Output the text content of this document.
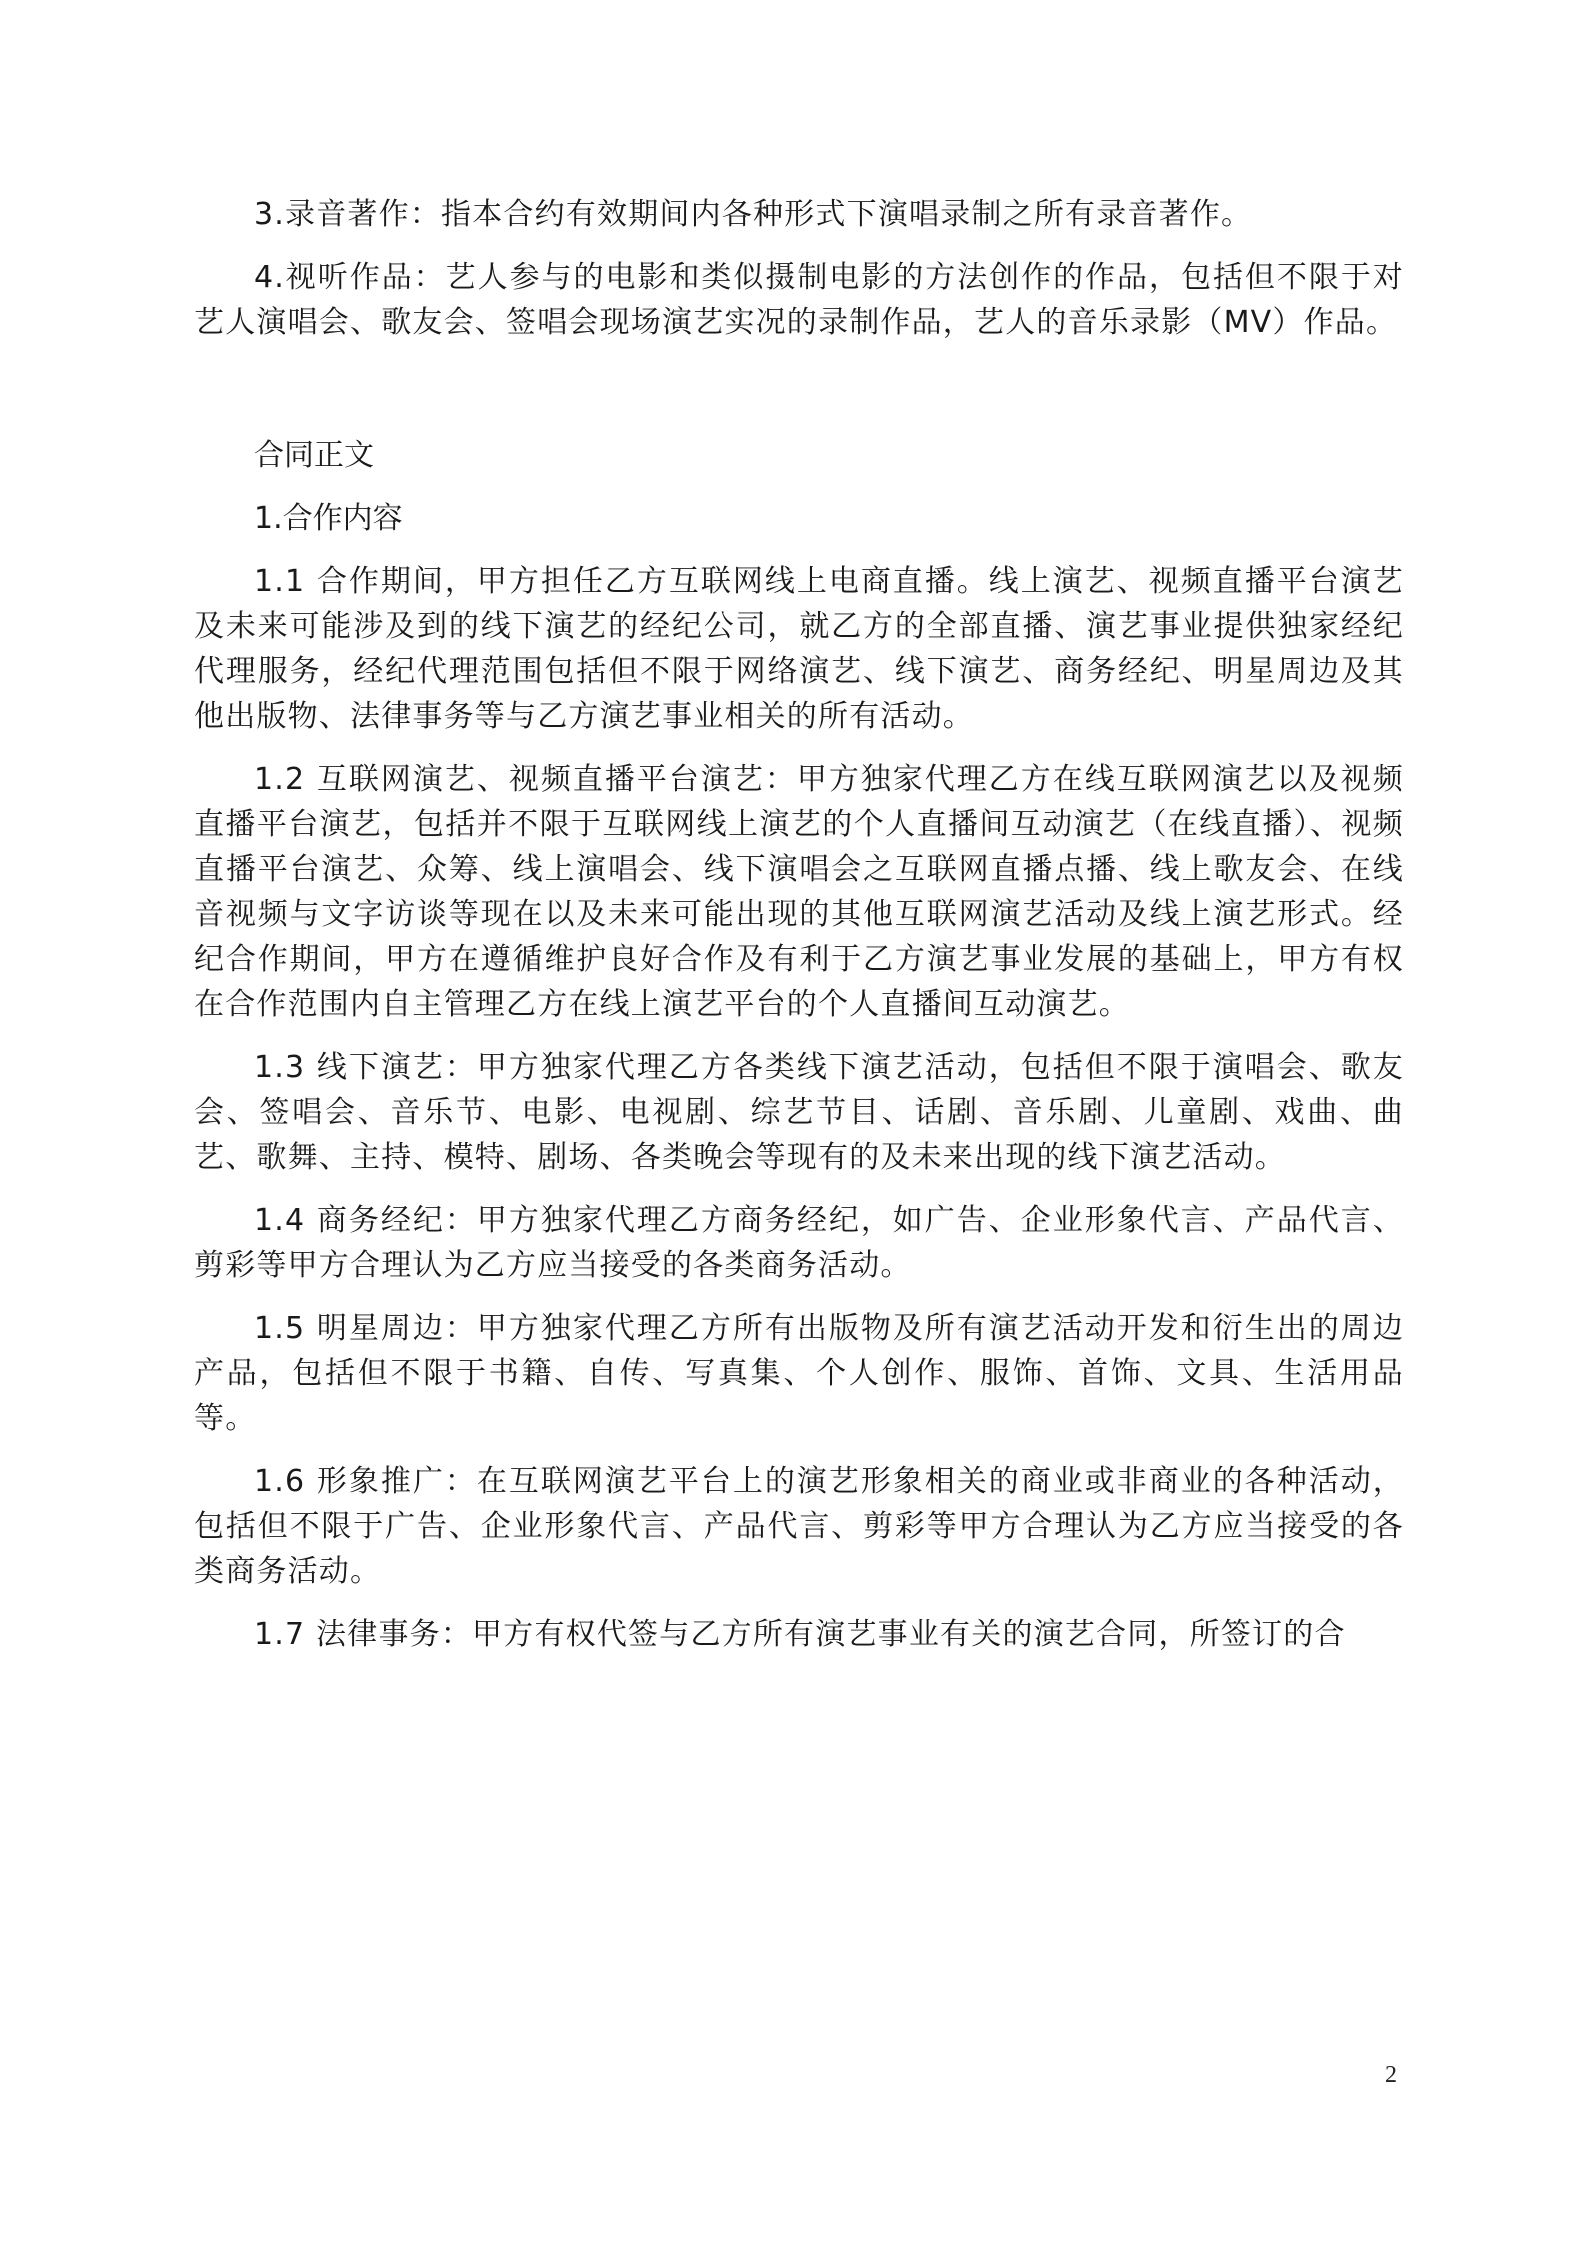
3.录音著作：指本合约有效期间内各种形式下演唱录制之所有录音著作。

4.视听作品：艺人参与的电影和类似摄制电影的方法创作的作品，包括但不限于对艺人演唱会、歌友会、签唱会现场演艺实况的录制作品，艺人的音乐录影（MV）作品。

合同正文

1.合作内容

1.1 合作期间，甲方担任乙方互联网线上电商直播。线上演艺、视频直播平台演艺及未来可能涉及到的线下演艺的经纪公司，就乙方的全部直播、演艺事业提供独家经纪代理服务，经纪代理范围包括但不限于网络演艺、线下演艺、商务经纪、明星周边及其他出版物、法律事务等与乙方演艺事业相关的所有活动。

1.2 互联网演艺、视频直播平台演艺：甲方独家代理乙方在线互联网演艺以及视频直播平台演艺，包括并不限于互联网线上演艺的个人直播间互动演艺（在线直播）、视频直播平台演艺、众筹、线上演唱会、线下演唱会之互联网直播点播、线上歌友会、在线音视频与文字访谈等现在以及未来可能出现的其他互联网演艺活动及线上演艺形式。经纪合作期间，甲方在遵循维护良好合作及有利于乙方演艺事业发展的基础上，甲方有权在合作范围内自主管理乙方在线上演艺平台的个人直播间互动演艺。

1.3 线下演艺：甲方独家代理乙方各类线下演艺活动，包括但不限于演唱会、歌友会、签唱会、音乐节、电影、电视剧、综艺节目、话剧、音乐剧、儿童剧、戏曲、曲艺、歌舞、主持、模特、剧场、各类晚会等现有的及未来出现的线下演艺活动。

1.4 商务经纪：甲方独家代理乙方商务经纪，如广告、企业形象代言、产品代言、剪彩等甲方合理认为乙方应当接受的各类商务活动。

1.5 明星周边：甲方独家代理乙方所有出版物及所有演艺活动开发和衍生出的周边产品，包括但不限于书籍、自传、写真集、个人创作、服饰、首饰、文具、生活用品等。

1.6 形象推广：在互联网演艺平台上的演艺形象相关的商业或非商业的各种活动，包括但不限于广告、企业形象代言、产品代言、剪彩等甲方合理认为乙方应当接受的各类商务活动。

1.7 法律事务：甲方有权代签与乙方所有演艺事业有关的演艺合同，所签订的合

2
